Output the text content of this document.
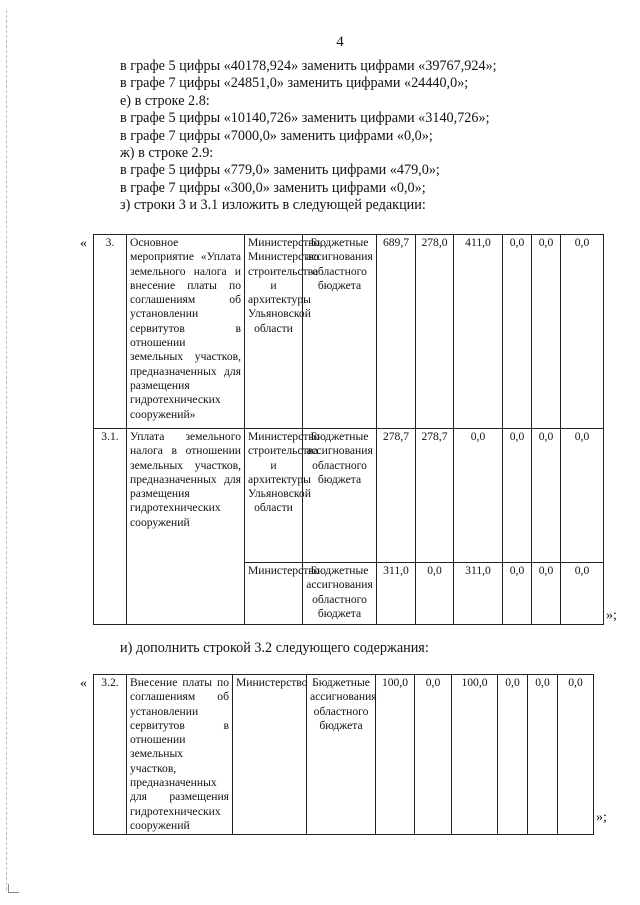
4
в графе 5 цифры «40178,924» заменить цифрами «39767,924»;
в графе 7 цифры «24851,0» заменить цифрами «24440,0»;
е) в строке 2.8:
в графе 5 цифры «10140,726» заменить цифрами «3140,726»;
в графе 7 цифры «7000,0» заменить цифрами «0,0»;
ж) в строке 2.9:
в графе 5 цифры «779,0» заменить цифрами «479,0»;
в графе 7 цифры «300,0» заменить цифрами «0,0»;
з) строки 3 и 3.1 изложить в следующей редакции:
« 3.	Основное мероприятие «Уплата земельного налога и внесение платы по соглашениям об установлении сервитутов в отношении земельных участков, предназначенных для размещения гидротехнических сооружений»	Министерство, Министерство строительства и архитектуры Ульяновской области	Бюджетные ассигнования областного бюджета	689,7	278,0	411,0	0,0	0,0	0,0
3.1.	Уплата земельного налога в отношении земельных участков, предназначенных для размещения гидротехнических сооружений	Министерство строительства и архитектуры Ульяновской области	Бюджетные ассигнования областного бюджета	278,7	278,7	0,0	0,0	0,0	0,0
		Министерство	Бюджетные ассигнования областного бюджета	311,0	0,0	311,0	0,0	0,0	0,0
»;
и) дополнить строкой 3.2 следующего содержания:
« 3.2.	Внесение платы по соглашениям об установлении сервитутов в отношении земельных участков, предназначенных для размещения гидротехнических сооружений	Министерство	Бюджетные ассигнования областного бюджета	100,0	0,0	100,0	0,0	0,0	0,0
»;
